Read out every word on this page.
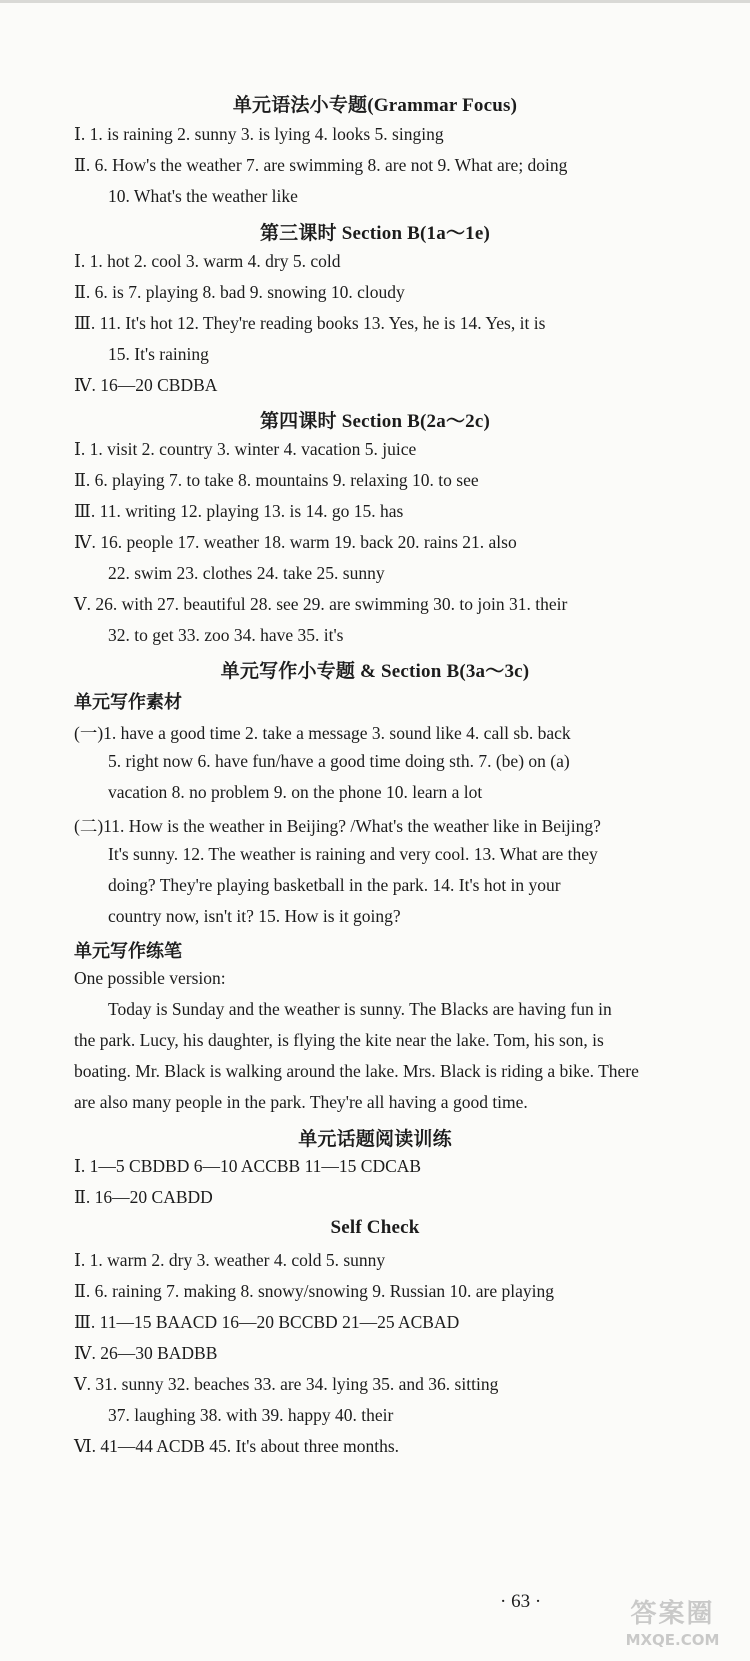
单元语法小专题(Grammar Focus)
Ⅰ. 1. is raining 2. sunny 3. is lying 4. looks 5. singing
Ⅱ. 6. How's the weather 7. are swimming 8. are not 9. What are; doing
10. What's the weather like
第三课时 Section B(1a～1e)
Ⅰ. 1. hot 2. cool 3. warm 4. dry 5. cold
Ⅱ. 6. is 7. playing 8. bad 9. snowing 10. cloudy
Ⅲ. 11. It's hot 12. They're reading books 13. Yes, he is 14. Yes, it is
15. It's raining
Ⅳ. 16—20 CBDBA
第四课时 Section B(2a～2c)
Ⅰ. 1. visit 2. country 3. winter 4. vacation 5. juice
Ⅱ. 6. playing 7. to take 8. mountains 9. relaxing 10. to see
Ⅲ. 11. writing 12. playing 13. is 14. go 15. has
Ⅳ. 16. people 17. weather 18. warm 19. back 20. rains 21. also
22. swim 23. clothes 24. take 25. sunny
Ⅴ. 26. with 27. beautiful 28. see 29. are swimming 30. to join 31. their
32. to get 33. zoo 34. have 35. it's
单元写作小专题 & Section B(3a～3c)
单元写作素材
(一)1. have a good time 2. take a message 3. sound like 4. call sb. back
5. right now 6. have fun/have a good time doing sth. 7. (be) on (a)
vacation 8. no problem 9. on the phone 10. learn a lot
(二)11. How is the weather in Beijing? /What's the weather like in Beijing?
It's sunny. 12. The weather is raining and very cool. 13. What are they
doing? They're playing basketball in the park. 14. It's hot in your
country now, isn't it? 15. How is it going?
单元写作练笔
One possible version:
Today is Sunday and the weather is sunny. The Blacks are having fun in
the park. Lucy, his daughter, is flying the kite near the lake. Tom, his son, is
boating. Mr. Black is walking around the lake. Mrs. Black is riding a bike. There
are also many people in the park. They're all having a good time.
单元话题阅读训练
Ⅰ. 1—5 CBDBD 6—10 ACCBB 11—15 CDCAB
Ⅱ. 16—20 CABDD
Self Check
Ⅰ. 1. warm 2. dry 3. weather 4. cold 5. sunny
Ⅱ. 6. raining 7. making 8. snowy/snowing 9. Russian 10. are playing
Ⅲ. 11—15 BAACD 16—20 BCCBD 21—25 ACBAD
Ⅳ. 26—30 BADBB
Ⅴ. 31. sunny 32. beaches 33. are 34. lying 35. and 36. sitting
37. laughing 38. with 39. happy 40. their
Ⅵ. 41—44 ACDB 45. It's about three months.
· 63 ·	答案圈
MXQE.COM
